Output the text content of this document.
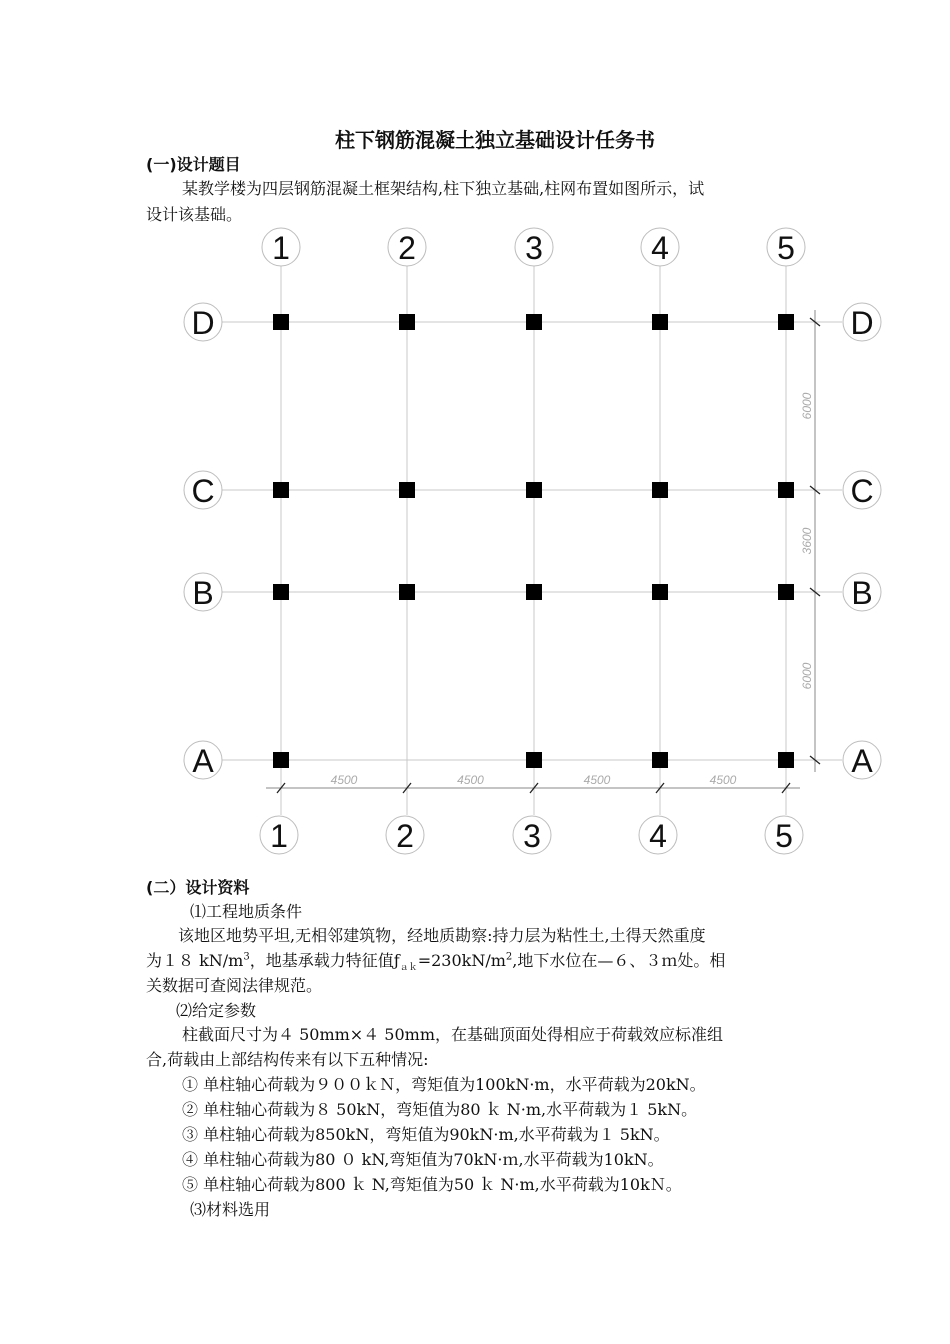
柱下钢筋混凝土独立基础设计任务书
(一)设计题目
某教学楼为四层钢筋混凝土框架结构,柱下独立基础,柱网布置如图所示，试
设计该基础。
1
1
2
2
3
3
4
4
5
5
D	D
C	C
B	B
A	A
4500	4500	4500	4500
6000
3600
6000
(二）设计资料
⑴工程地质条件
该地区地势平坦,无相邻建筑物，经地质勘察:持力层为粘性土,土得天然重度
为１８ $kN/m^3$，地基承载力特征值$ƒ_{ak}=230kN/m^2$,地下水位在—６、３ｍ处。相
关数据可查阅法律规范。
⑵给定参数
柱截面尺寸为４ 50mm×４ 50mm，在基础顶面处得相应于荷载效应标准组
合,荷载由上部结构传来有以下五种情况:
① 单柱轴心荷载为９００ｋＮ，弯矩值为100kN·m，水平荷载为20kN。
② 单柱轴心荷载为８ 50kN，弯矩值为80 ｋ N·m,水平荷载为１ 5kN。
③ 单柱轴心荷载为850kN，弯矩值为90kN·m,水平荷载为１ 5kN。
④ 单柱轴心荷载为80 ０ kN,弯矩值为70kN·ｍ,水平荷载为10kN。
⑤ 单柱轴心荷载为800 ｋ N,弯矩值为50 ｋ N·m,水平荷载为10kＮ。
⑶材料选用
